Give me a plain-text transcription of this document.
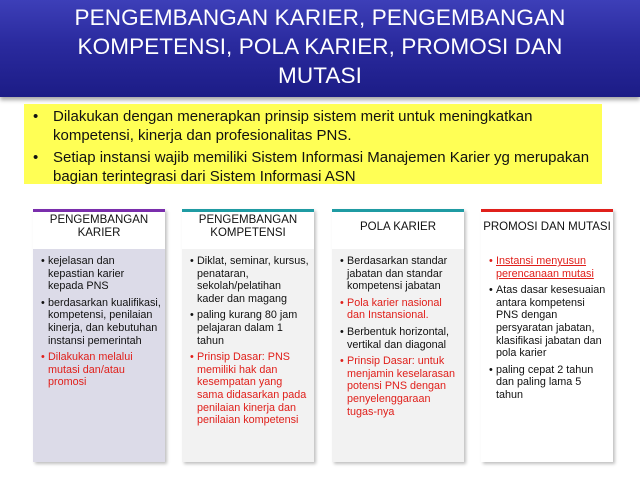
PENGEMBANGAN KARIER, PENGEMBANGAN
KOMPETENSI, POLA KARIER, PROMOSI DAN
MUTASI
• Dilakukan dengan menerapkan prinsip sistem merit untuk meningkatkan kompetensi, kinerja dan profesionalitas PNS.
• Setiap instansi wajib memiliki Sistem Informasi Manajemen Karier yg merupakan bagian terintegrasi dari Sistem Informasi ASN
PENGEMBANGAN KARIER
• kejelasan dan kepastian karier kepada PNS
• berdasarkan kualifikasi, kompetensi, penilaian kinerja, dan kebutuhan instansi pemerintah
• Dilakukan melalui mutasi dan/atau promosi
PENGEMBANGAN KOMPETENSI
• Diklat, seminar, kursus, penataran, sekolah/pelatihan kader dan magang
• paling kurang 80 jam pelajaran dalam 1 tahun
• Prinsip Dasar: PNS memiliki hak dan kesempatan yang sama didasarkan pada penilaian kinerja dan penilaian kompetensi
POLA KARIER
• Berdasarkan standar jabatan dan standar kompetensi jabatan
• Pola karier nasional dan Instansional.
• Berbentuk horizontal, vertikal dan diagonal
• Prinsip Dasar: untuk menjamin keselarasan potensi PNS dengan penyelenggaraan tugas-nya
PROMOSI DAN MUTASI
• Instansi menyusun perencanaan mutasi
• Atas dasar kesesuaian antara kompetensi PNS dengan persyaratan jabatan, klasifikasi jabatan dan pola karier
• paling cepat 2 tahun dan paling lama 5 tahun
